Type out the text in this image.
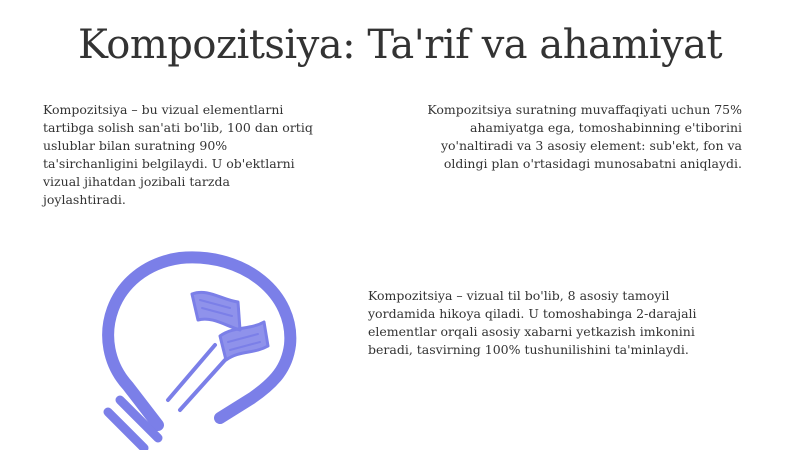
Kompozitsiya: Ta'rif va ahamiyat
Kompozitsiya – bu vizual elementlarni
tartibga solish san'ati bo'lib, 100 dan ortiq
uslublar bilan suratning 90%
ta'sirchanligini belgilaydi. U ob'ektlarni
vizual jihatdan jozibali tarzda
joylashtiradi.
Kompozitsiya suratning muvaffaqiyati uchun 75%
ahamiyatga ega, tomoshabinning e'tiborini
yo'naltiradi va 3 asosiy element: sub'ekt, fon va
oldingi plan o'rtasidagi munosabatni aniqlaydi.
Kompozitsiya – vizual til bo'lib, 8 asosiy tamoyil
yordamida hikoya qiladi. U tomoshabinga 2-darajali
elementlar orqali asosiy xabarni yetkazish imkonini
beradi, tasvirning 100% tushunilishini ta'minlaydi.
